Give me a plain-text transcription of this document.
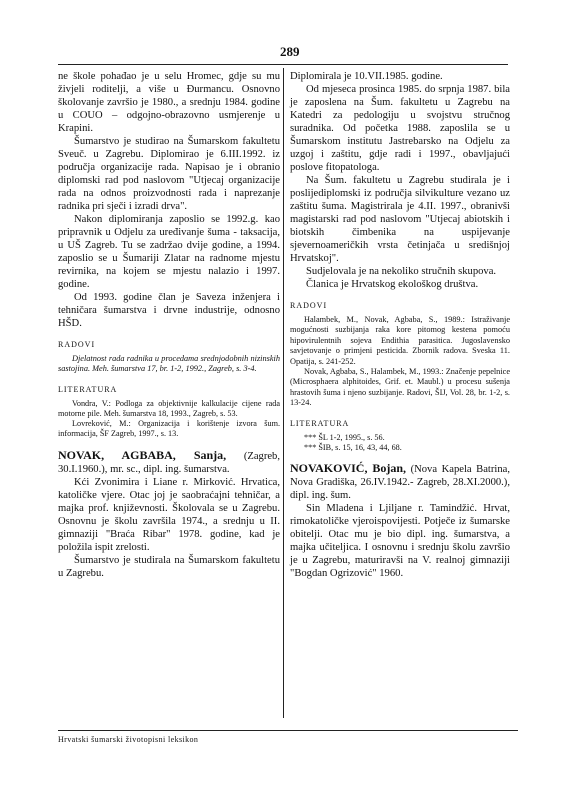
289

ne škole pohađao je u selu Hromec, gdje su mu živjeli roditelji, a više u Đurmancu. Osnovno školovanje završio je 1980., a srednju 1984. godine u COUO – odgojno-obrazovno usmjerenje u Krapini.

Šumarstvo je studirao na Šumarskom fakultetu Sveuč. u Zagrebu. Diplomirao je 6.III.1992. iz područja organizacije rada. Napisao je i obranio diplomski rad pod naslovom "Utjecaj organizacije rada na odnos proizvodnosti rada i naprezanje radnika pri sječi i izradi drva".

Nakon diplomiranja zaposlio se 1992.g. kao pripravnik u Odjelu za uređivanje šuma - taksacija, u UŠ Zagreb. Tu se zadržao dvije godine, a 1994. zaposlio se u Šumariji Zlatar na radnome mjestu revirnika, na kojem se mjestu nalazio i 1997. godine.

Od 1993. godine član je Saveza inženjera i tehničara šumarstva i drvne industrije, odnosno HŠD.

RADOVI

Djelatnost rada radnika u procedama srednjodobnih nizinskih sastojina. Meh. šumarstva 17, br. 1-2, 1992., Zagreb, s. 3-4.

LITERATURA

Vondra, V.: Podloga za objektivnije kalkulacije cijene rada motorne pile. Meh. šumarstva 18, 1993., Zagreb, s. 53.

Lovreković, M.: Organizacija i korištenje izvora šum. informacija, ŠF Zagreb, 1997., s. 13.

NOVAK, AGBABA, Sanja, (Zagreb, 30.I.1960.), mr. sc., dipl. ing. šumarstva.

Kći Zvonimira i Liane r. Mirković. Hrvatica, katoličke vjere. Otac joj je saobraćajni tehničar, a majka prof. književnosti. Školovala se u Zagrebu. Osnovnu je školu završila 1974., a srednju u II. gimnaziji "Braća Ribar" 1978. godine, kad je položila ispit zrelosti.

Šumarstvo je studirala na Šumarskom fakultetu u Zagrebu.

Diplomirala je 10.VII.1985. godine.

Od mjeseca prosinca 1985. do srpnja 1987. bila je zaposlena na Šum. fakultetu u Zagrebu na Katedri za pedologiju u svojstvu stručnog suradnika. Od početka 1988. zaposlila se u Šumarskom institutu Jastrebarsko na Odjelu za uzgoj i zaštitu, gdje radi i 1997., obavljajući poslove fitopatologa.

Na Šum. fakultetu u Zagrebu studirala je i poslijediplomski iz područja silvikulture vezano uz zaštitu šuma. Magistrirala je 4.II. 1997., obranivši magistarski rad pod naslovom "Utjecaj abiotskih i biotskih čimbenika na uspijevanje sjevernoameričkih vrsta četinjača u središnjoj Hrvatskoj".

Sudjelovala je na nekoliko stručnih skupova.

Članica je Hrvatskog ekološkog društva.

RADOVI

Halambek, M., Novak, Agbaba, S., 1989.: Istraživanje mogućnosti suzbijanja raka kore pitomog kestena pomoću hipovirulentnih sojeva Endithia parasitica. Jugoslavensko savjetovanje o primjeni pesticida. Zbornik radova. Sveska 11. Opatija, s. 241-252.

Novak, Agbaba, S., Halambek, M., 1993.: Značenje pepelnice (Microsphaera alphitoides, Grif. et. Maubl.) u procesu sušenja hrastovih šuma i njeno suzbijanje. Radovi, ŠIJ, Vol. 28, br. 1-2, s. 13-24.

LITERATURA

*** ŠL 1-2, 1995., s. 56.

*** ŠIB, s. 15, 16, 43, 44, 68.

NOVAKOVIĆ, Bojan, (Nova Kapela Batrina, Nova Gradiška, 26.IV.1942.- Zagreb, 28.XI.2000.), dipl. ing. šum.

Sin Mladena i Ljiljane r. Tamindžić. Hrvat, rimokatoličke vjeroispovijesti. Potječe iz šumarske obitelji. Otac mu je bio dipl. ing. šumarstva, a majka učiteljica. I osnovnu i srednju školu završio je u Zagrebu, maturiravši na V. realnoj gimnaziji "Bogdan Ogrizović" 1960.

Hrvatski šumarski životopisni leksikon
